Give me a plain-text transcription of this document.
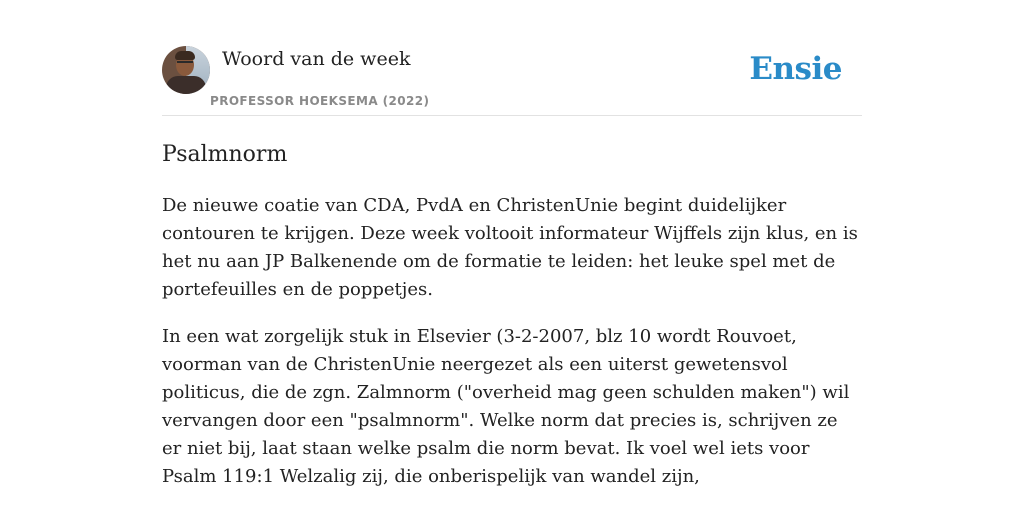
Woord van de week
PROFESSOR HOEKSEMA (2022)
Ensie
Psalmnorm

De nieuwe coatie van CDA, PvdA en ChristenUnie begint duidelijker contouren te krijgen. Deze week voltooit informateur Wijffels zijn klus, en is het nu aan JP Balkenende om de formatie te leiden: het leuke spel met de portefeuilles en de poppetjes.

In een wat zorgelijk stuk in Elsevier (3-2-2007, blz 10 wordt Rouvoet, voorman van de ChristenUnie neergezet als een uiterst gewetensvol politicus, die de zgn. Zalmnorm ("overheid mag geen schulden maken") wil vervangen door een "psalmnorm". Welke norm dat precies is, schrijven ze er niet bij, laat staan welke psalm die norm bevat. Ik voel wel iets voor Psalm 119:1 Welzalig zij, die onberispelijk van wandel zijn,
